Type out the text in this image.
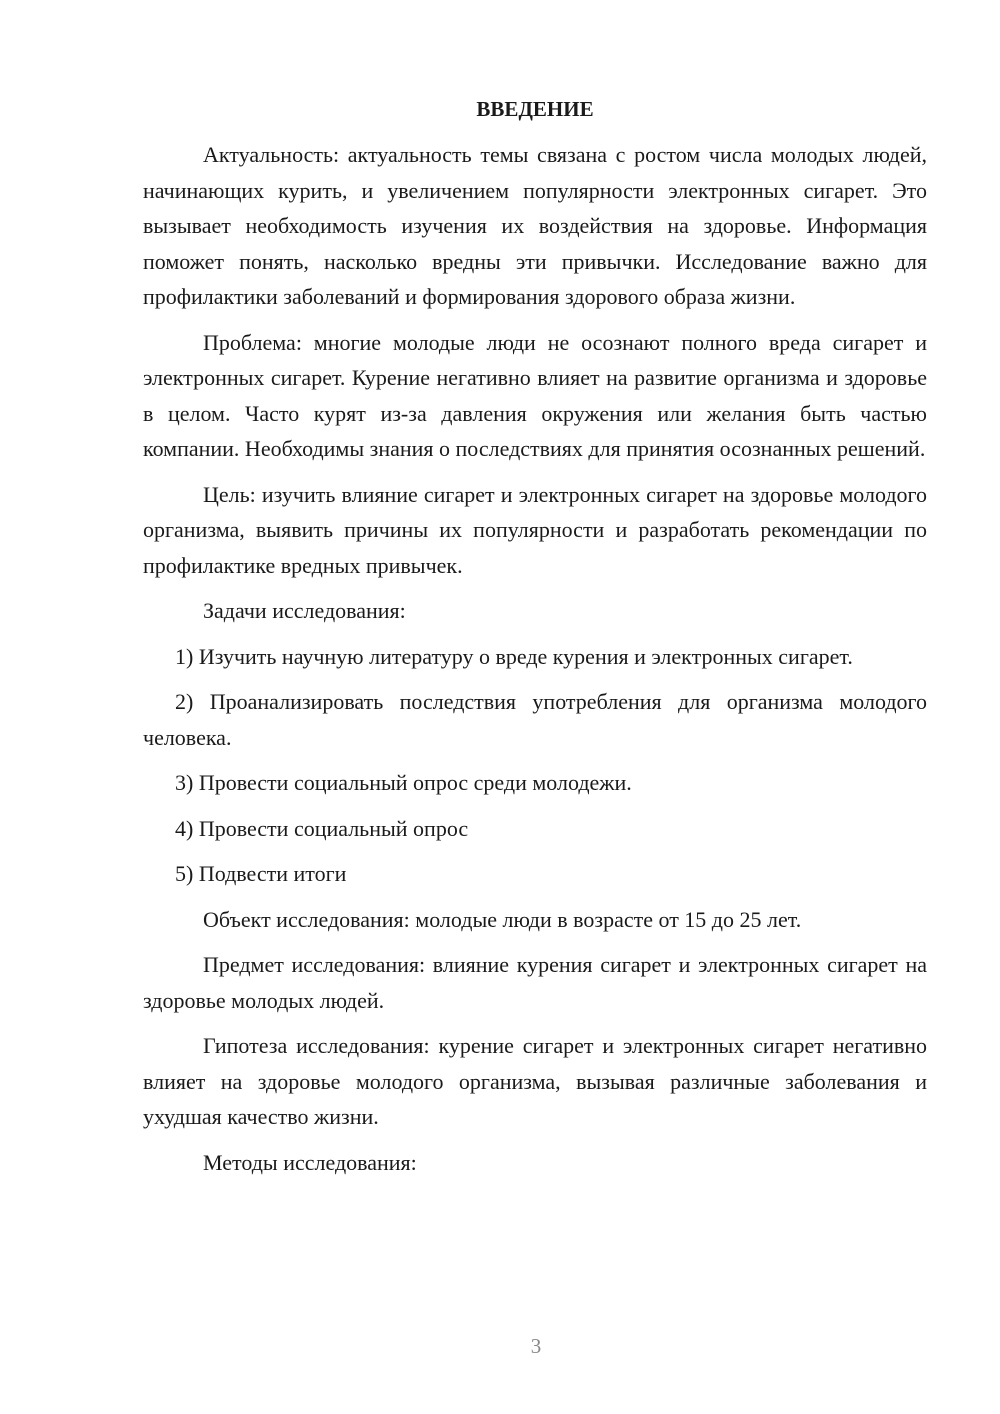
ВВЕДЕНИЕ

Актуальность: актуальность темы связана с ростом числа молодых людей, начинающих курить, и увеличением популярности электронных сигарет. Это вызывает необходимость изучения их воздействия на здоровье. Информация поможет понять, насколько вредны эти привычки. Исследование важно для профилактики заболеваний и формирования здорового образа жизни.

Проблема: многие молодые люди не осознают полного вреда сигарет и электронных сигарет. Курение негативно влияет на развитие организма и здоровье в целом. Часто курят из-за давления окружения или желания быть частью компании. Необходимы знания о последствиях для принятия осознанных решений.

Цель: изучить влияние сигарет и электронных сигарет на здоровье молодого организма, выявить причины их популярности и разработать рекомендации по профилактике вредных привычек.

Задачи исследования:

1) Изучить научную литературу о вреде курения и электронных сигарет.

2) Проанализировать последствия употребления для организма молодого человека.

3) Провести социальный опрос среди молодежи.

4) Провести социальный опрос

5) Подвести итоги

Объект исследования: молодые люди в возрасте от 15 до 25 лет.

Предмет исследования: влияние курения сигарет и электронных сигарет на здоровье молодых людей.

Гипотеза исследования: курение сигарет и электронных сигарет негативно влияет на здоровье молодого организма, вызывая различные заболевания и ухудшая качество жизни.

Методы исследования:

3
